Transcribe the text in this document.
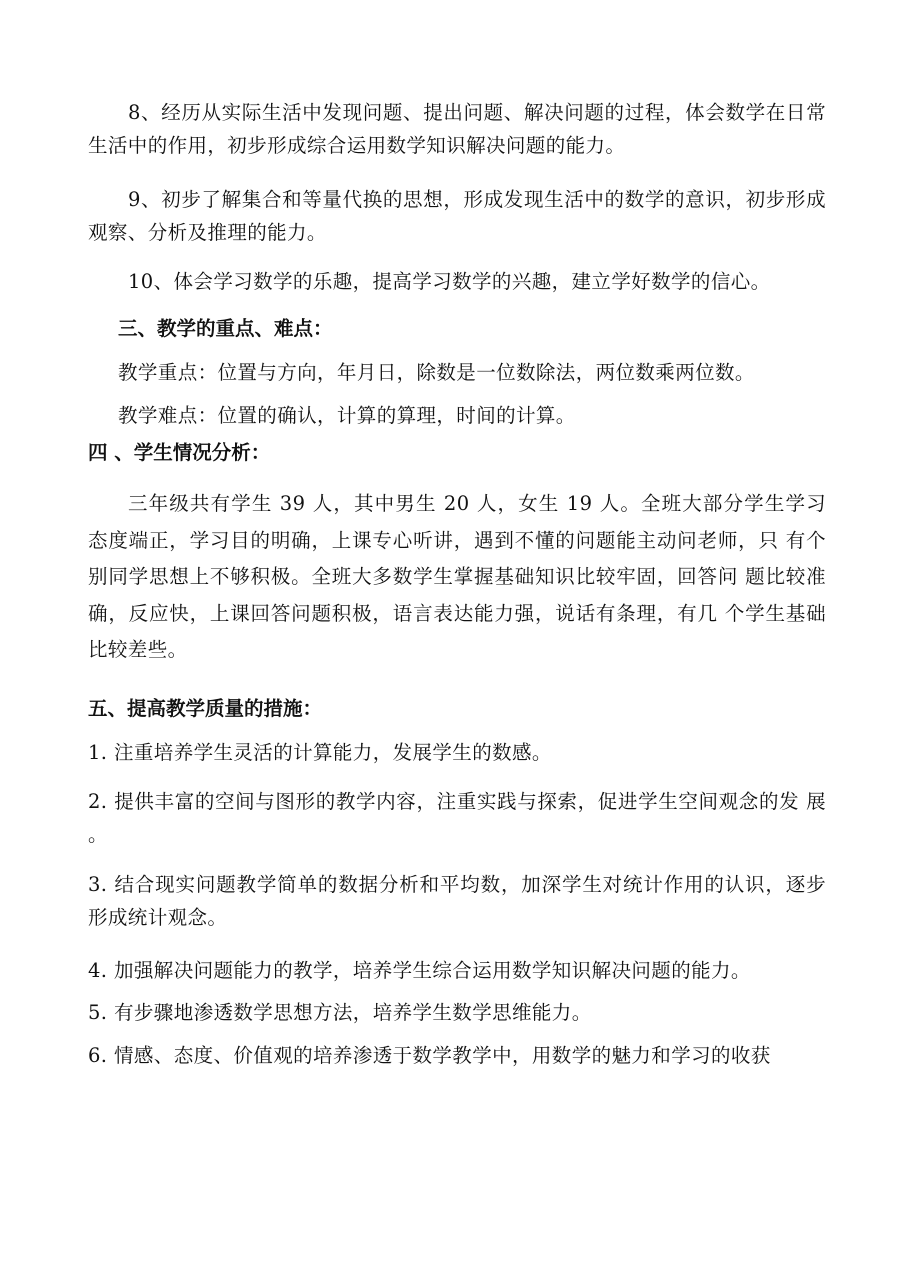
8、经历从实际生活中发现问题、提出问题、解决问题的过程，体会数学在日常生活中的作用，初步形成综合运用数学知识解决问题的能力。

9、初步了解集合和等量代换的思想，形成发现生活中的数学的意识，初步形成观察、分析及推理的能力。

10、体会学习数学的乐趣，提高学习数学的兴趣，建立学好数学的信心。

三、教学的重点、难点：

教学重点：位置与方向，年月日，除数是一位数除法，两位数乘两位数。

教学难点：位置的确认，计算的算理，时间的计算。

四 、学生情况分析：

三年级共有学生 39 人，其中男生 20 人，女生 19 人。全班大部分学生学习 态度端正，学习目的明确，上课专心听讲，遇到不懂的问题能主动问老师，只 有个别同学思想上不够积极。全班大多数学生掌握基础知识比较牢固，回答问 题比较准确，反应快，上课回答问题积极，语言表达能力强，说话有条理，有几 个学生基础比较差些。

五、提高教学质量的措施：

1. 注重培养学生灵活的计算能力，发展学生的数感。

2. 提供丰富的空间与图形的教学内容，注重实践与探索，促进学生空间观念的发 展 。

3. 结合现实问题教学简单的数据分析和平均数，加深学生对统计作用的认识，逐步形成统计观念。

4. 加强解决问题能力的教学，培养学生综合运用数学知识解决问题的能力。

5. 有步骤地渗透数学思想方法，培养学生数学思维能力。

6. 情感、态度、价值观的培养渗透于数学教学中，用数学的魅力和学习的收获
